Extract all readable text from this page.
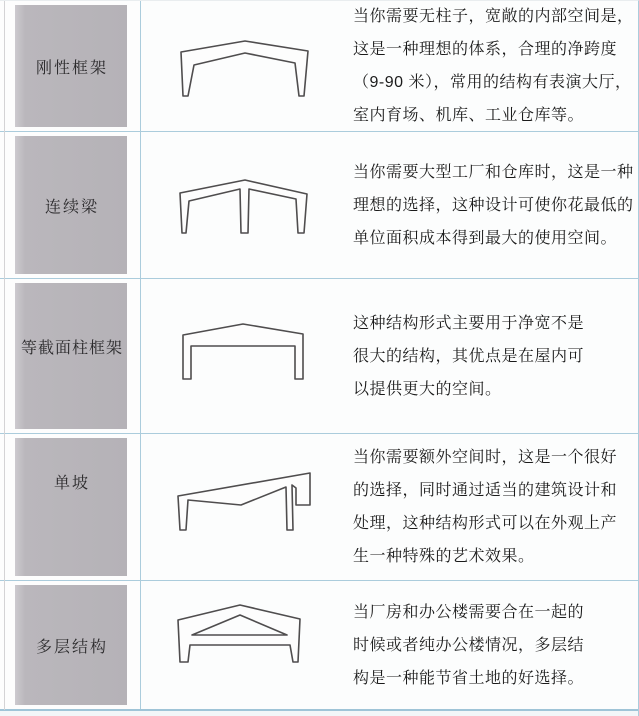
刚性框架
当你需要无柱子，宽敞的内部空间是，
这是一种理想的体系，合理的净跨度
（9-90 米），常用的结构有表演大厅，
室内育场、机库、工业仓库等。
连续梁
当你需要大型工厂和仓库时，这是一种
理想的选择，这种设计可使你花最低的
单位面积成本得到最大的使用空间。
等截面柱框架
这种结构形式主要用于净宽不是
很大的结构，其优点是在屋内可
以提供更大的空间。
单坡
当你需要额外空间时，这是一个很好
的选择，同时通过适当的建筑设计和
处理，这种结构形式可以在外观上产
生一种特殊的艺术效果。
多层结构
当厂房和办公楼需要合在一起的
时候或者纯办公楼情况，多层结
构是一种能节省土地的好选择。
